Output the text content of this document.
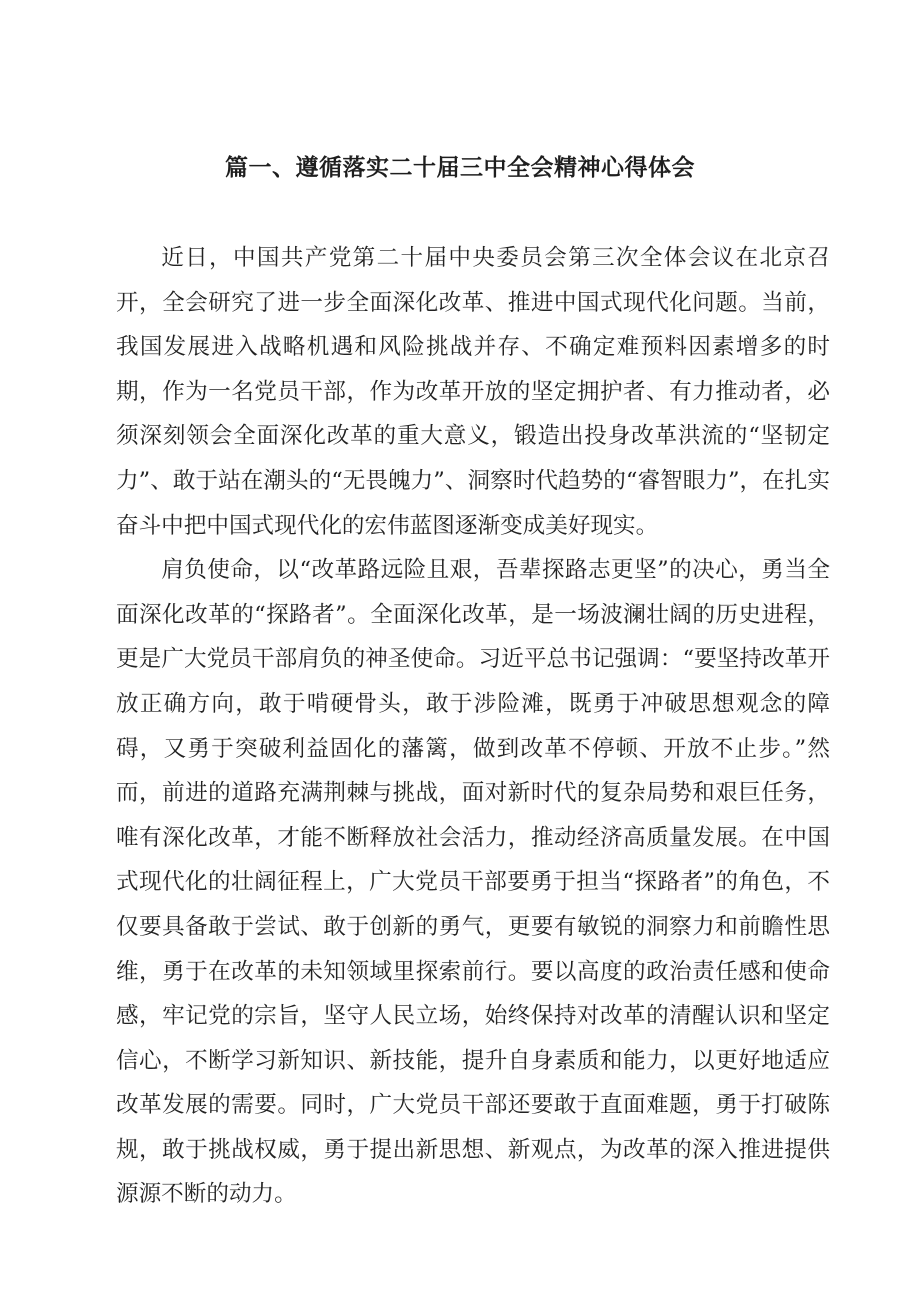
篇一、遵循落实二十届三中全会精神心得体会

近日，中国共产党第二十届中央委员会第三次全体会议在北京召开，全会研究了进一步全面深化改革、推进中国式现代化问题。当前，我国发展进入战略机遇和风险挑战并存、不确定难预料因素增多的时期，作为一名党员干部，作为改革开放的坚定拥护者、有力推动者，必须深刻领会全面深化改革的重大意义，锻造出投身改革洪流的“坚韧定力”、敢于站在潮头的“无畏魄力”、洞察时代趋势的“睿智眼力”，在扎实奋斗中把中国式现代化的宏伟蓝图逐渐变成美好现实。

肩负使命，以“改革路远险且艰，吾辈探路志更坚”的决心，勇当全面深化改革的“探路者”。全面深化改革，是一场波澜壮阔的历史进程，更是广大党员干部肩负的神圣使命。习近平总书记强调：“要坚持改革开放正确方向，敢于啃硬骨头，敢于涉险滩，既勇于冲破思想观念的障碍，又勇于突破利益固化的藩篱，做到改革不停顿、开放不止步。”然而，前进的道路充满荆棘与挑战，面对新时代的复杂局势和艰巨任务，唯有深化改革，才能不断释放社会活力，推动经济高质量发展。在中国式现代化的壮阔征程上，广大党员干部要勇于担当“探路者”的角色，不仅要具备敢于尝试、敢于创新的勇气，更要有敏锐的洞察力和前瞻性思维，勇于在改革的未知领域里探索前行。要以高度的政治责任感和使命感，牢记党的宗旨，坚守人民立场，始终保持对改革的清醒认识和坚定信心，不断学习新知识、新技能，提升自身素质和能力，以更好地适应改革发展的需要。同时，广大党员干部还要敢于直面难题，勇于打破陈规，敢于挑战权威，勇于提出新思想、新观点，为改革的深入推进提供源源不断的动力。
